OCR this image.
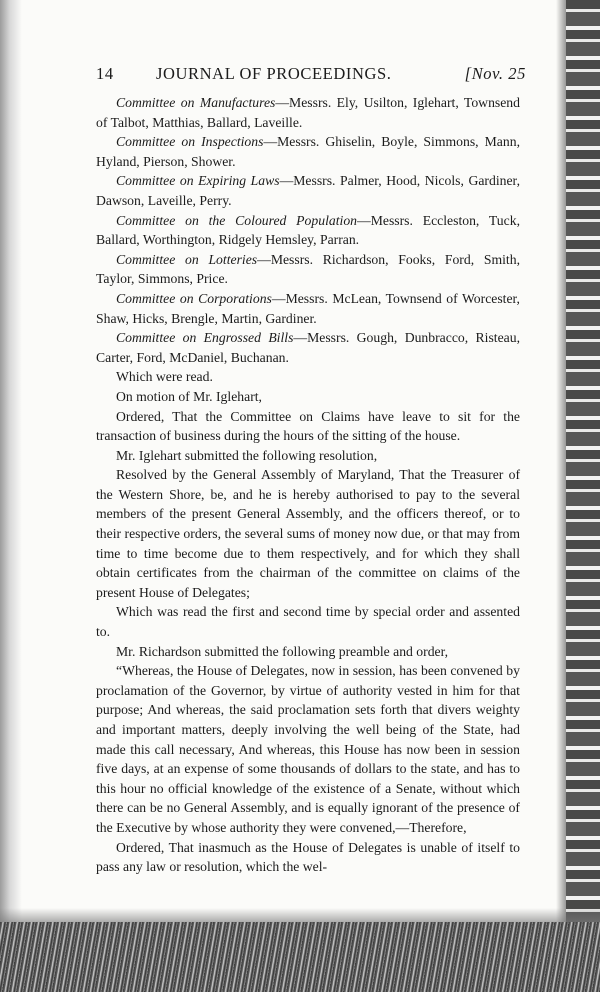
14	JOURNAL OF PROCEEDINGS.	[Nov. 25

Committee on Manufactures—Messrs. Ely, Usilton, Iglehart, Townsend of Talbot, Matthias, Ballard, Laveille.

Committee on Inspections—Messrs. Ghiselin, Boyle, Simmons, Mann, Hyland, Pierson, Shower.

Committee on Expiring Laws—Messrs. Palmer, Hood, Nicols, Gardiner, Dawson, Laveille, Perry.

Committee on the Coloured Population—Messrs. Eccleston, Tuck, Ballard, Worthington, Ridgely Hemsley, Parran.

Committee on Lotteries—Messrs. Richardson, Fooks, Ford, Smith, Taylor, Simmons, Price.

Committee on Corporations—Messrs. McLean, Townsend of Worcester, Shaw, Hicks, Brengle, Martin, Gardiner.

Committee on Engrossed Bills—Messrs. Gough, Dunbracco, Risteau, Carter, Ford, McDaniel, Buchanan.

Which were read.

On motion of Mr. Iglehart,

Ordered, That the Committee on Claims have leave to sit for the transaction of business during the hours of the sitting of the house.

Mr. Iglehart submitted the following resolution,

Resolved by the General Assembly of Maryland, That the Treasurer of the Western Shore, be, and he is hereby authorised to pay to the several members of the present General Assembly, and the officers thereof, or to their respective orders, the several sums of money now due, or that may from time to time become due to them respectively, and for which they shall obtain certificates from the chairman of the committee on claims of the present House of Delegates;

Which was read the first and second time by special order and assented to.

Mr. Richardson submitted the following preamble and order,

“Whereas, the House of Delegates, now in session, has been convened by proclamation of the Governor, by virtue of authority vested in him for that purpose; And whereas, the said proclamation sets forth that divers weighty and important matters, deeply involving the well being of the State, had made this call necessary, And whereas, this House has now been in session five days, at an expense of some thousands of dollars to the state, and has to this hour no official knowledge of the existence of a Senate, without which there can be no General Assembly, and is equally ignorant of the presence of the Executive by whose authority they were convened,—Therefore,

Ordered, That inasmuch as the House of Delegates is unable of itself to pass any law or resolution, which the wel-
